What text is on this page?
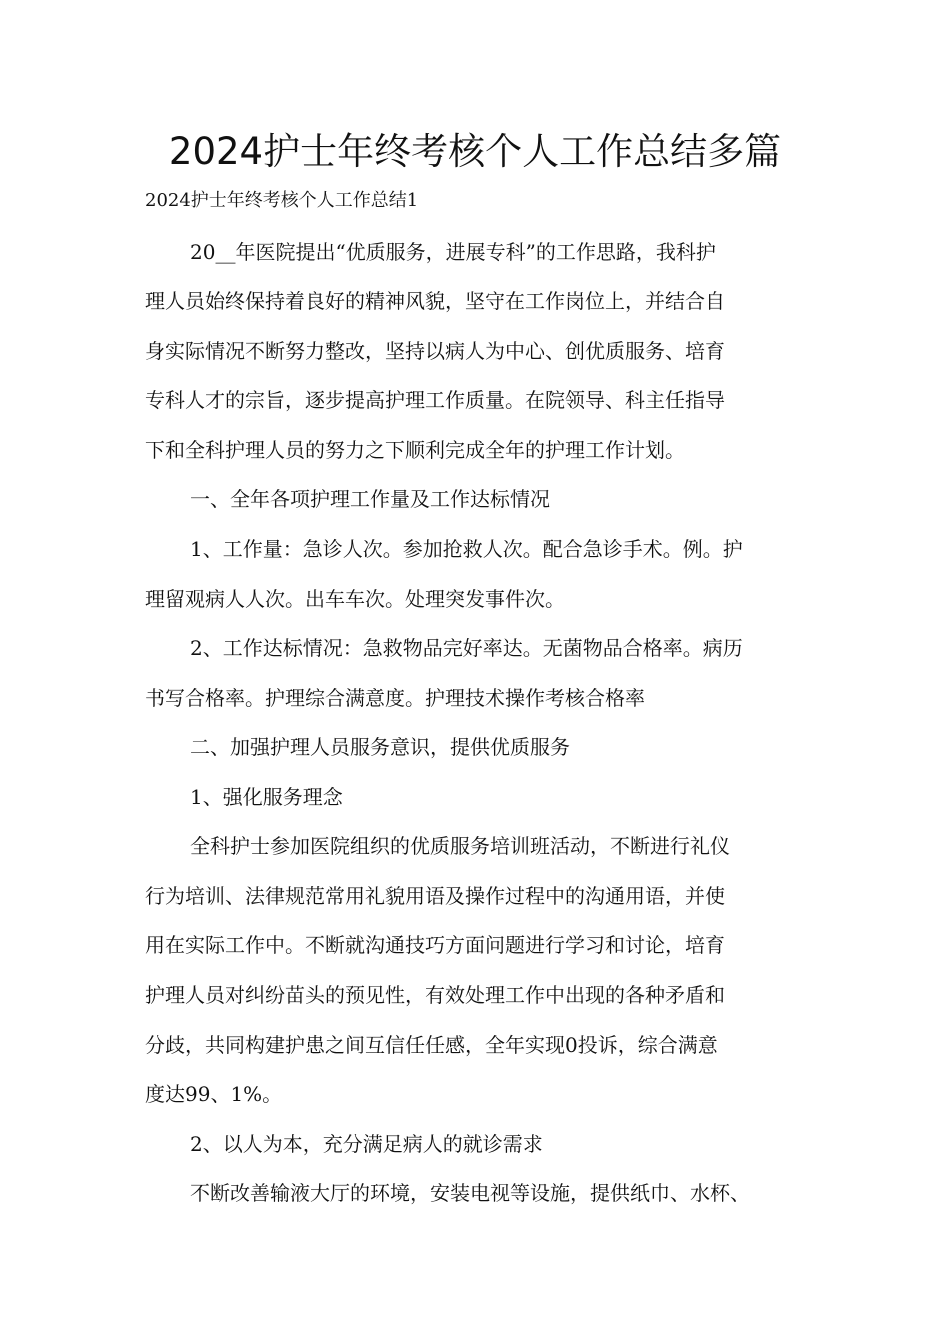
2024护士年终考核个人工作总结多篇
2024护士年终考核个人工作总结1
20__年医院提出“优质服务，进展专科”的工作思路，我科护
理人员始终保持着良好的精神风貌，坚守在工作岗位上，并结合自
身实际情况不断努力整改，坚持以病人为中心、创优质服务、培育
专科人才的宗旨，逐步提高护理工作质量。在院领导、科主任指导
下和全科护理人员的努力之下顺利完成全年的护理工作计划。
一、全年各项护理工作量及工作达标情况
1、工作量：急诊人次。参加抢救人次。配合急诊手术。例。护
理留观病人人次。出车车次。处理突发事件次。
2、工作达标情况：急救物品完好率达。无菌物品合格率。病历
书写合格率。护理综合满意度。护理技术操作考核合格率
二、加强护理人员服务意识，提供优质服务
1、强化服务理念
全科护士参加医院组织的优质服务培训班活动，不断进行礼仪
行为培训、法律规范常用礼貌用语及操作过程中的沟通用语，并使
用在实际工作中。不断就沟通技巧方面问题进行学习和讨论，培育
护理人员对纠纷苗头的预见性，有效处理工作中出现的各种矛盾和
分歧，共同构建护患之间互信任任感，全年实现0投诉，综合满意
度达99、1%。
2、以人为本，充分满足病人的就诊需求
不断改善输液大厅的环境，安装电视等设施，提供纸巾、水杯、
